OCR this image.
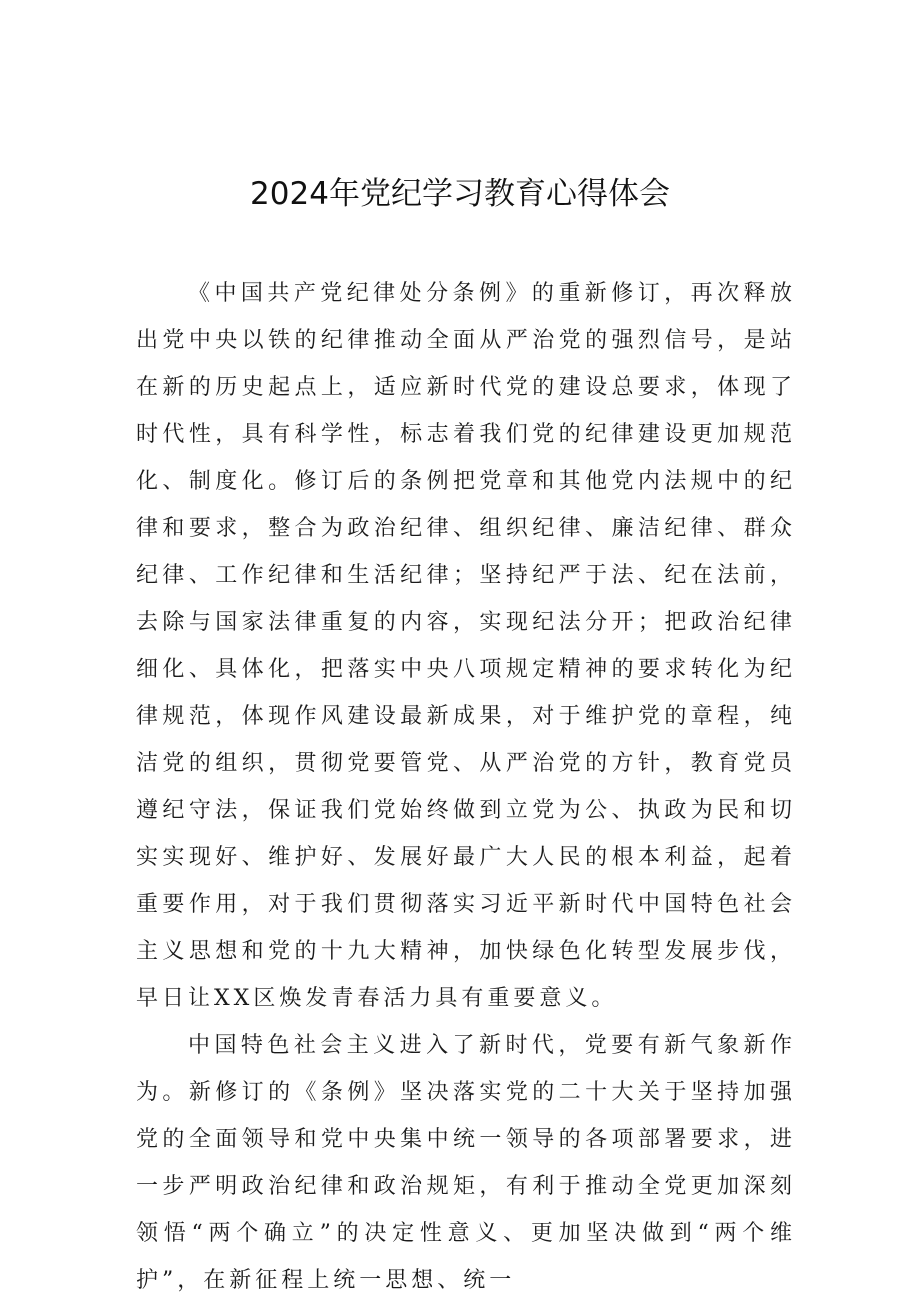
2024年党纪学习教育心得体会

《中国共产党纪律处分条例》的重新修订，再次释放出党中央以铁的纪律推动全面从严治党的强烈信号，是站在新的历史起点上，适应新时代党的建设总要求，体现了时代性，具有科学性，标志着我们党的纪律建设更加规范化、制度化。修订后的条例把党章和其他党内法规中的纪律和要求，整合为政治纪律、组织纪律、廉洁纪律、群众纪律、工作纪律和生活纪律；坚持纪严于法、纪在法前，去除与国家法律重复的内容，实现纪法分开；把政治纪律细化、具体化，把落实中央八项规定精神的要求转化为纪律规范，体现作风建设最新成果，对于维护党的章程，纯洁党的组织，贯彻党要管党、从严治党的方针，教育党员遵纪守法，保证我们党始终做到立党为公、执政为民和切实实现好、维护好、发展好最广大人民的根本利益，起着重要作用，对于我们贯彻落实习近平新时代中国特色社会主义思想和党的十九大精神，加快绿色化转型发展步伐，早日让XX区焕发青春活力具有重要意义。

中国特色社会主义进入了新时代，党要有新气象新作为。新修订的《条例》坚决落实党的二十大关于坚持加强党的全面领导和党中央集中统一领导的各项部署要求，进一步严明政治纪律和政治规矩，有利于推动全党更加深刻领悟“两个确立”的决定性意义、更加坚决做到“两个维护”，在新征程上统一思想、统一
